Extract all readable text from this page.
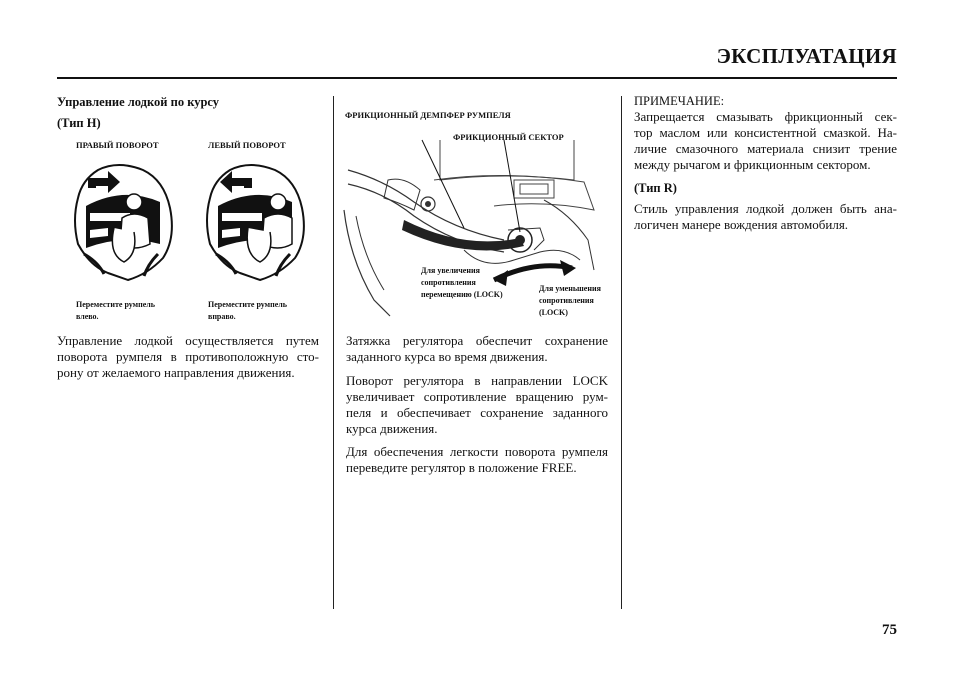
ЭКСПЛУАТАЦИЯ
Управление лодкой по курсу
(Тип H)
ПРАВЫЙ ПОВОРОТ	ЛЕВЫЙ ПОВОРОТ
Переместите румпель
влево.
Переместите румпель
вправо.
Управление лодкой осуществляется путем
поворота румпеля в противоположную сто-
рону от желаемого направления движения.
ФРИКЦИОННЫЙ ДЕМПФЕР РУМПЕЛЯ
ФРИКЦИОННЫЙ СЕКТОР
Для увеличения
сопротивления
перемещению (LOCK)
Для уменьшения
сопротивления
(LOCK)
Затяжка регулятора обеспечит сохранение
заданного курса во время движения.
Поворот регулятора в направлении LOCK
увеличивает сопротивление вращению рум-
пеля и обеспечивает сохранение заданного
курса движения.
Для обеспечения легкости поворота румпеля
переведите регулятор в положение FREE.
ПРИМЕЧАНИЕ:
Запрещается смазывать фрикционный сек-
тор маслом или консистентной смазкой. На-
личие смазочного материала снизит трение
между рычагом и фрикционным сектором.
(Тип R)
Стиль управления лодкой должен быть ана-
логичен манере вождения автомобиля.
75
